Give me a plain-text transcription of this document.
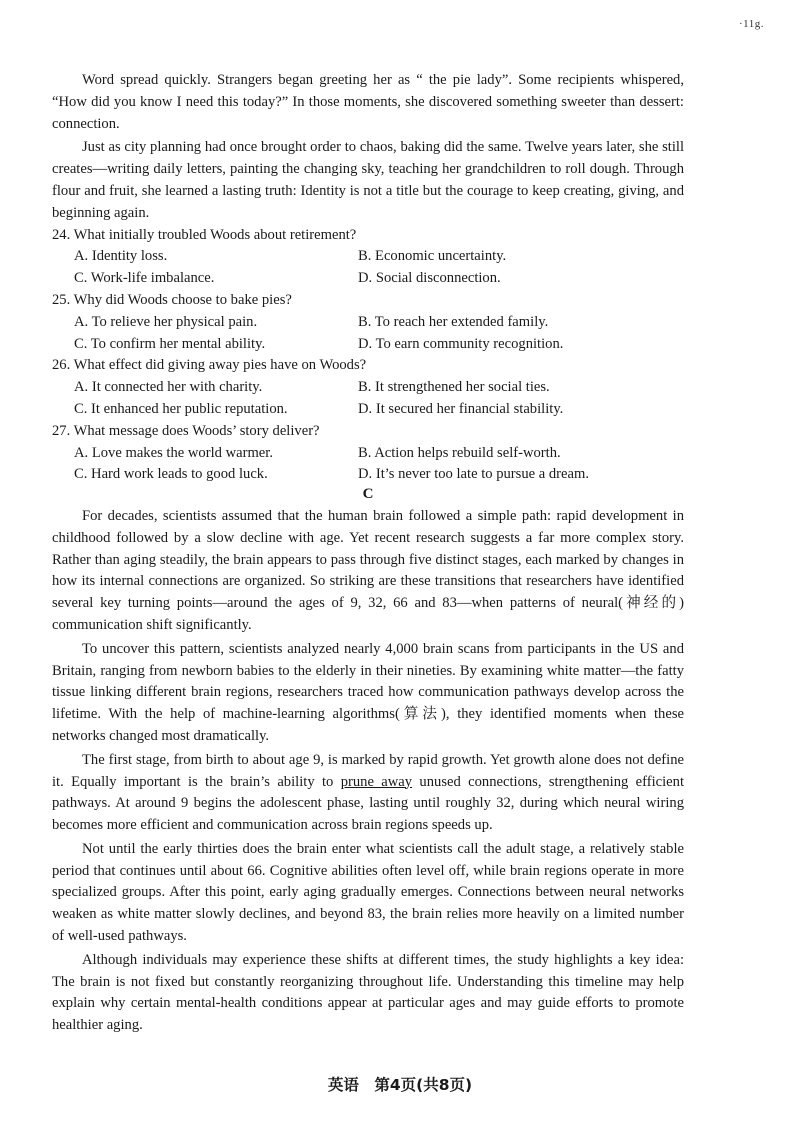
·11g.

Word spread quickly. Strangers began greeting her as “ the pie lady”. Some recipients whispered, “How did you know I need this today?” In those moments, she discovered something sweeter than dessert: connection.

Just as city planning had once brought order to chaos, baking did the same. Twelve years later, she still creates—writing daily letters, painting the changing sky, teaching her grandchildren to roll dough. Through flour and fruit, she learned a lasting truth: Identity is not a title but the courage to keep creating, giving, and beginning again.

24. What initially troubled Woods about retirement?

A. Identity loss.	B. Economic uncertainty.
C. Work-life imbalance.	D. Social disconnection.

25. Why did Woods choose to bake pies?

A. To relieve her physical pain.	B. To reach her extended family.
C. To confirm her mental ability.	D. To earn community recognition.

26. What effect did giving away pies have on Woods?

A. It connected her with charity.	B. It strengthened her social ties.
C. It enhanced her public reputation.	D. It secured her financial stability.

27. What message does Woods’ story deliver?

A. Love makes the world warmer.	B. Action helps rebuild self-worth.
C. Hard work leads to good luck.	D. It’s never too late to pursue a dream.
C

For decades, scientists assumed that the human brain followed a simple path: rapid development in childhood followed by a slow decline with age. Yet recent research suggests a far more complex story. Rather than aging steadily, the brain appears to pass through five distinct stages, each marked by changes in how its internal connections are organized. So striking are these transitions that researchers have identified several key turning points—around the ages of 9, 32, 66 and 83—when patterns of neural(神经的) communication shift significantly.

To uncover this pattern, scientists analyzed nearly 4,000 brain scans from participants in the US and Britain, ranging from newborn babies to the elderly in their nineties. By examining white matter—the fatty tissue linking different brain regions, researchers traced how communication pathways develop across the lifetime. With the help of machine-learning algorithms(算法), they identified moments when these networks changed most dramatically.

The first stage, from birth to about age 9, is marked by rapid growth. Yet growth alone does not define it. Equally important is the brain’s ability to prune away unused connections, strengthening efficient pathways. At around 9 begins the adolescent phase, lasting until roughly 32, during which neural wiring becomes more efficient and communication across brain regions speeds up.

Not until the early thirties does the brain enter what scientists call the adult stage, a relatively stable period that continues until about 66. Cognitive abilities often level off, while brain regions operate in more specialized groups. After this point, early aging gradually emerges. Connections between neural networks weaken as white matter slowly declines, and beyond 83, the brain relies more heavily on a limited number of well-used pathways.

Although individuals may experience these shifts at different times, the study highlights a key idea: The brain is not fixed but constantly reorganizing throughout life. Understanding this timeline may help explain why certain mental-health conditions appear at particular ages and may guide efforts to promote healthier aging.

英语　第4页(共8页)
